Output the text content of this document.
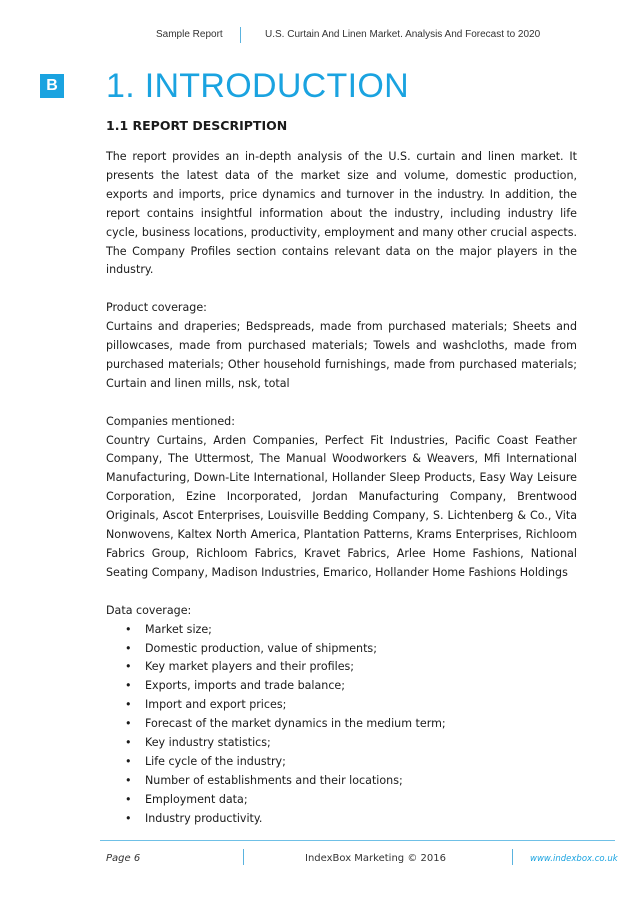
Sample Report	U.S. Curtain And Linen Market. Analysis And Forecast to 2020
B 1. INTRODUCTION
1.1 REPORT DESCRIPTION

The report provides an in-depth analysis of the U.S. curtain and linen market. It presents the latest data of the market size and volume, domestic production, exports and imports, price dynamics and turnover in the industry. In addition, the report contains insightful information about the industry, including industry life cycle, business locations, productivity, employment and many other crucial aspects. The Company Profiles section contains relevant data on the major players in the industry.

Product coverage:

Curtains and draperies; Bedspreads, made from purchased materials; Sheets and pillowcases, made from purchased materials; Towels and washcloths, made from purchased materials; Other household furnishings, made from purchased materials; Curtain and linen mills, nsk, total

Companies mentioned:

Country Curtains, Arden Companies, Perfect Fit Industries, Pacific Coast Feather Company, The Uttermost, The Manual Woodworkers & Weavers, Mfi International Manufacturing, Down-Lite International, Hollander Sleep Products, Easy Way Leisure Corporation, Ezine Incorporated, Jordan Manufacturing Company, Brentwood Originals, Ascot Enterprises, Louisville Bedding Company, S. Lichtenberg & Co., Vita Nonwovens, Kaltex North America, Plantation Patterns, Krams Enterprises, Richloom Fabrics Group, Richloom Fabrics, Kravet Fabrics, Arlee Home Fashions, National Seating Company, Madison Industries, Emarico, Hollander Home Fashions Holdings

Data coverage:

• Market size;
• Domestic production, value of shipments;
• Key market players and their profiles;
• Exports, imports and trade balance;
• Import and export prices;
• Forecast of the market dynamics in the medium term;
• Key industry statistics;
• Life cycle of the industry;
• Number of establishments and their locations;
• Employment data;
• Industry productivity.
Page 6	IndexBox Marketing © 2016	www.indexbox.co.uk
